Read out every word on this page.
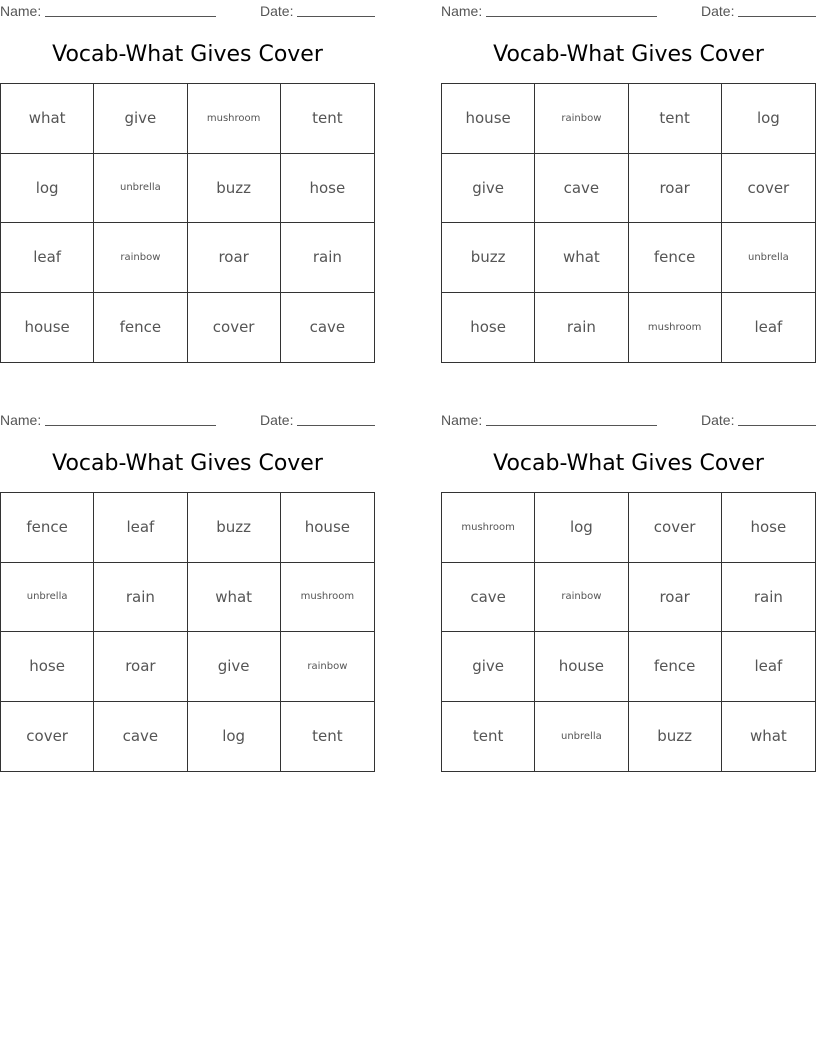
Name:	Date:
Vocab-What Gives Cover
what	give	mushroom	tent
log	unbrella	buzz	hose
leaf	rainbow	roar	rain
house	fence	cover	cave
Name:	Date:
Vocab-What Gives Cover
house	rainbow	tent	log
give	cave	roar	cover
buzz	what	fence	unbrella
hose	rain	mushroom	leaf
Name:	Date:
Vocab-What Gives Cover
fence	leaf	buzz	house
unbrella	rain	what	mushroom
hose	roar	give	rainbow
cover	cave	log	tent
Name:	Date:
Vocab-What Gives Cover
mushroom	log	cover	hose
cave	rainbow	roar	rain
give	house	fence	leaf
tent	unbrella	buzz	what
